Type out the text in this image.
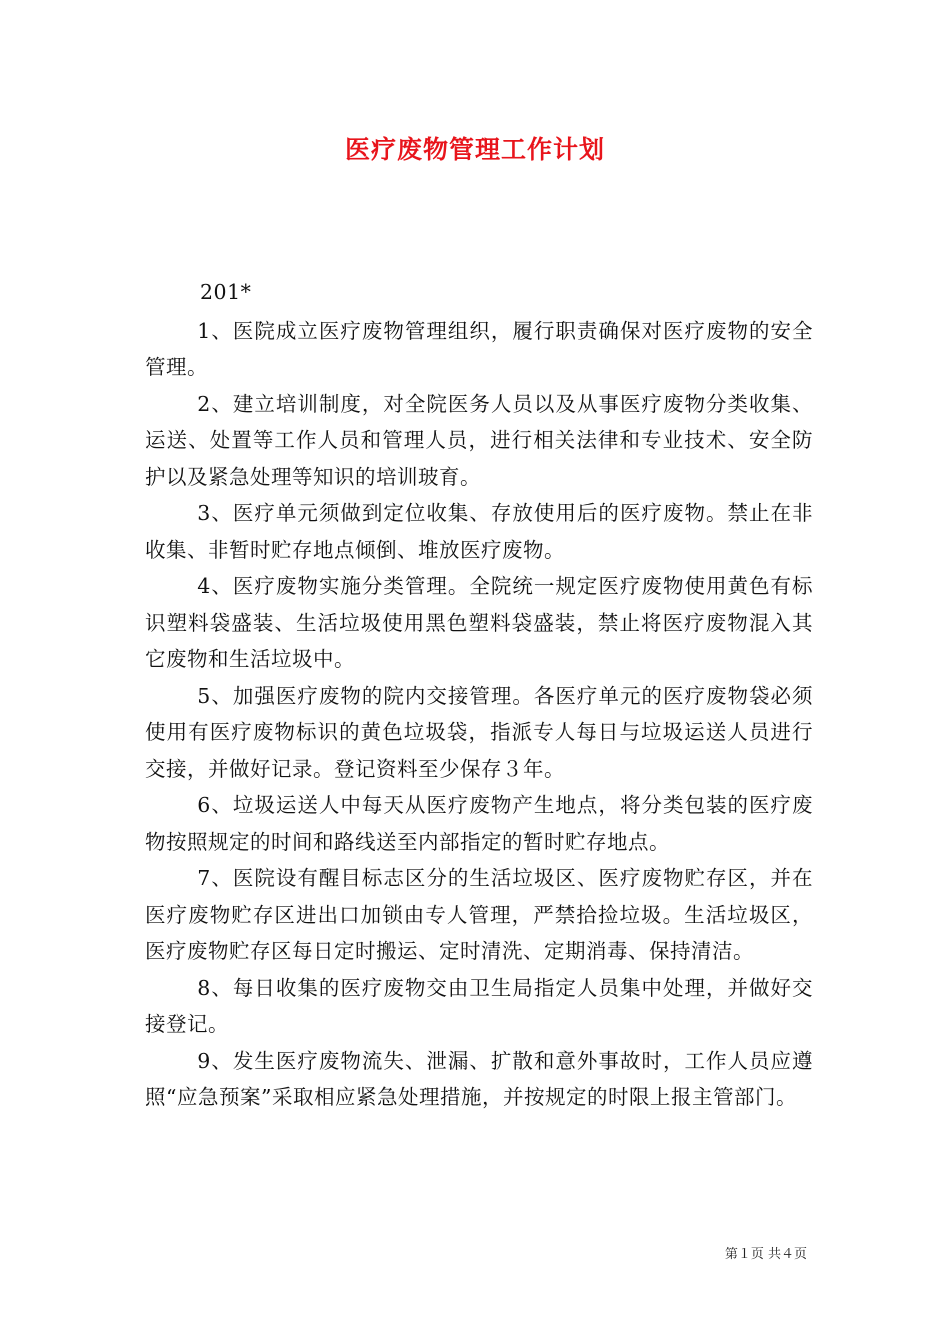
医疗废物管理工作计划
201*

1、医院成立医疗废物管理组织，履行职责确保对医疗废物的安全管理。

2、建立培训制度，对全院医务人员以及从事医疗废物分类收集、运送、处置等工作人员和管理人员，进行相关法律和专业技术、安全防护以及紧急处理等知识的培训玻育。

3、医疗单元须做到定位收集、存放使用后的医疗废物。禁止在非收集、非暂时贮存地点倾倒、堆放医疗废物。

4、医疗废物实施分类管理。全院统一规定医疗废物使用黄色有标识塑料袋盛装、生活垃圾使用黑色塑料袋盛装，禁止将医疗废物混入其它废物和生活垃圾中。

5、加强医疗废物的院内交接管理。各医疗单元的医疗废物袋必须使用有医疗废物标识的黄色垃圾袋，指派专人每日与垃圾运送人员进行交接，并做好记录。登记资料至少保存３年。

6、垃圾运送人中每天从医疗废物产生地点，将分类包装的医疗废物按照规定的时间和路线送至内部指定的暂时贮存地点。

7、医院设有醒目标志区分的生活垃圾区、医疗废物贮存区，并在医疗废物贮存区进出口加锁由专人管理，严禁拾捡垃圾。生活垃圾区，医疗废物贮存区每日定时搬运、定时清洗、定期消毒、保持清洁。

8、每日收集的医疗废物交由卫生局指定人员集中处理，并做好交接登记。

9、发生医疗废物流失、泄漏、扩散和意外事故时，工作人员应遵照“应急预案”采取相应紧急处理措施，并按规定的时限上报主管部门。

第１页 共４页
